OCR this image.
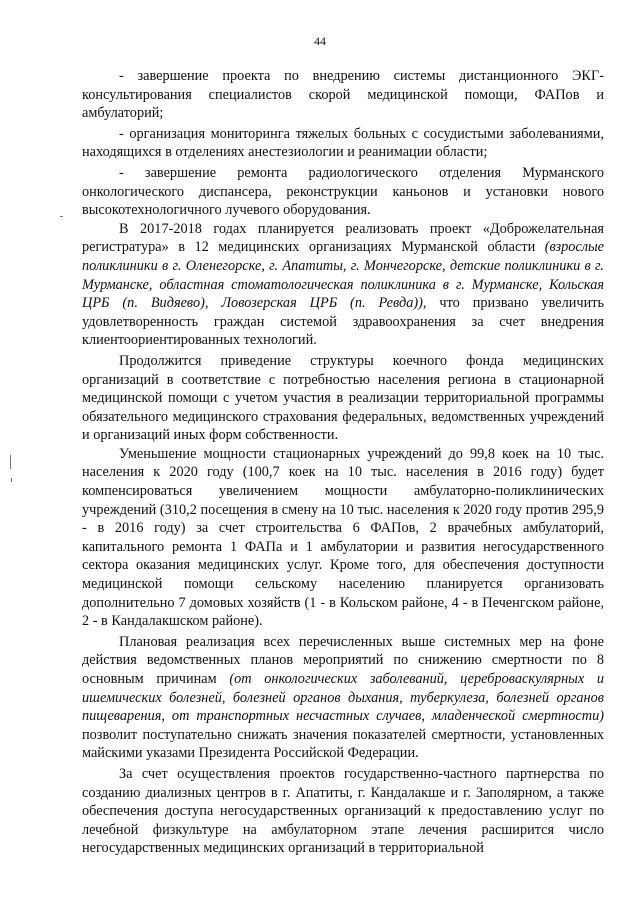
44

- завершение проекта по внедрению системы дистанционного ЭКГ-консультирования специалистов скорой медицинской помощи, ФАПов и амбулаторий;

- организация мониторинга тяжелых больных с сосудистыми заболеваниями, находящихся в отделениях анестезиологии и реанимации области;

- завершение ремонта радиологического отделения Мурманского онкологического диспансера, реконструкции каньонов и установки нового высокотехнологичного лучевого оборудования.

В 2017-2018 годах планируется реализовать проект «Доброжелательная регистратура» в 12 медицинских организациях Мурманской области (взрослые поликлиники в г. Оленегорске, г. Апатиты, г. Мончегорске, детские поликлиники в г. Мурманске, областная стоматологическая поликлиника в г. Мурманске, Кольская ЦРБ (п. Видяево), Ловозерская ЦРБ (п. Ревда)), что призвано увеличить удовлетворенность граждан системой здравоохранения за счет внедрения клиентоориентированных технологий.

Продолжится приведение структуры коечного фонда медицинских организаций в соответствие с потребностью населения региона в стационарной медицинской помощи с учетом участия в реализации территориальной программы обязательного медицинского страхования федеральных, ведомственных учреждений и организаций иных форм собственности.

Уменьшение мощности стационарных учреждений до 99,8 коек на 10 тыс. населения к 2020 году (100,7 коек на 10 тыс. населения в 2016 году) будет компенсироваться увеличением мощности амбулаторно-поликлинических учреждений (310,2 посещения в смену на 10 тыс. населения к 2020 году против 295,9 - в 2016 году) за счет строительства 6 ФАПов, 2 врачебных амбулаторий, капитального ремонта 1 ФАПа и 1 амбулатории и развития негосударственного сектора оказания медицинских услуг. Кроме того, для обеспечения доступности медицинской помощи сельскому населению планируется организовать дополнительно 7 домовых хозяйств (1 - в Кольском районе, 4 - в Печенгском районе, 2 - в Кандалакшском районе).

Плановая реализация всех перечисленных выше системных мер на фоне действия ведомственных планов мероприятий по снижению смертности по 8 основным причинам (от онкологических заболеваний, цереброваскулярных и ишемических болезней, болезней органов дыхания, туберкулеза, болезней органов пищеварения, от транспортных несчастных случаев, младенческой смертности) позволит поступательно снижать значения показателей смертности, установленных майскими указами Президента Российской Федерации.

За счет осуществления проектов государственно-частного партнерства по созданию диализных центров в г. Апатиты, г. Кандалакше и г. Заполярном, а также обеспечения доступа негосударственных организаций к предоставлению услуг по лечебной физкультуре на амбулаторном этапе лечения расширится число негосударственных медицинских организаций в территориальной
